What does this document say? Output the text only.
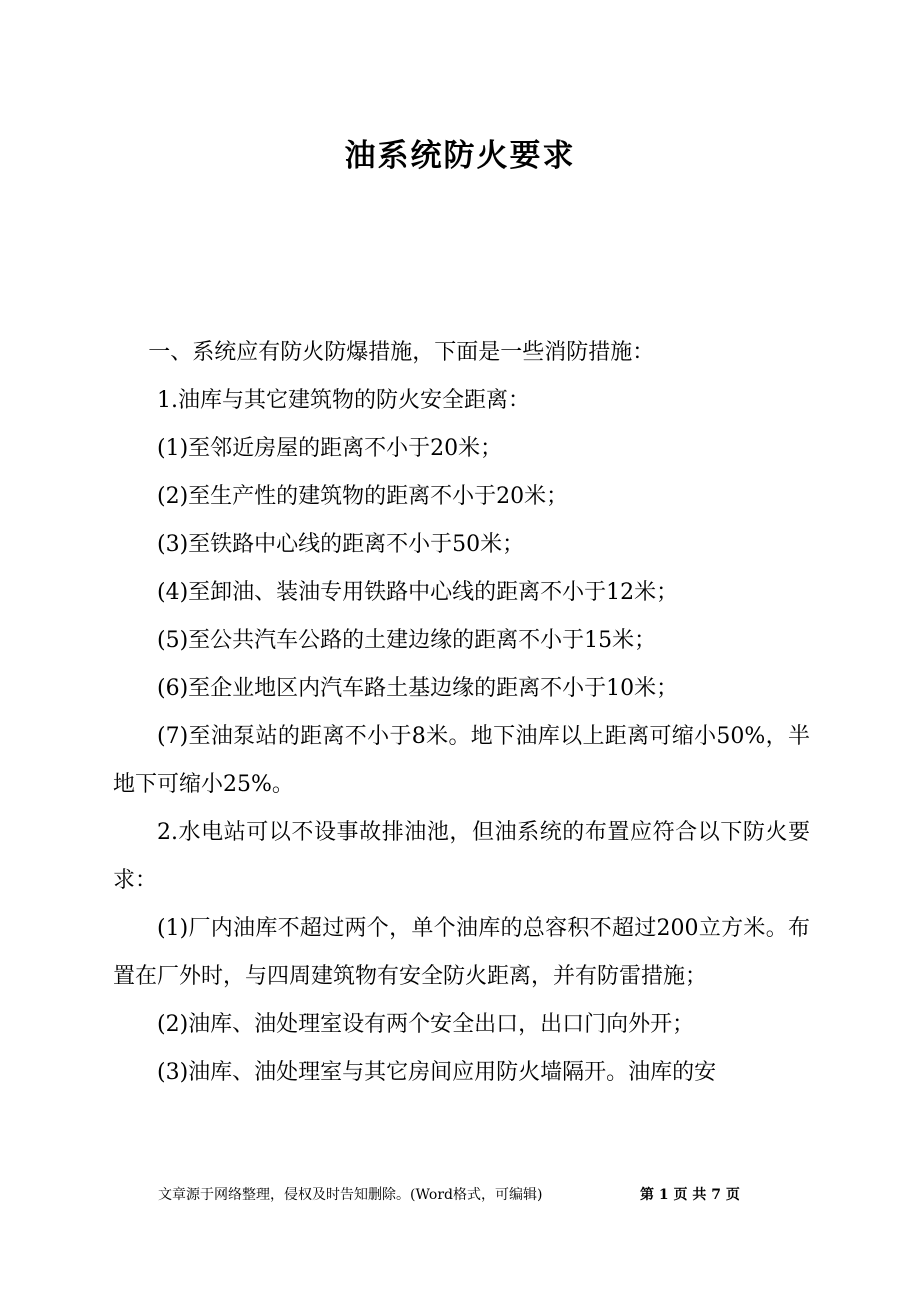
油系统防火要求

一、系统应有防火防爆措施，下面是一些消防措施：

1.油库与其它建筑物的防火安全距离：

(1)至邻近房屋的距离不小于20米；

(2)至生产性的建筑物的距离不小于20米；

(3)至铁路中心线的距离不小于50米；

(4)至卸油、装油专用铁路中心线的距离不小于12米；

(5)至公共汽车公路的土建边缘的距离不小于15米；

(6)至企业地区内汽车路土基边缘的距离不小于10米；

(7)至油泵站的距离不小于8米。地下油库以上距离可缩小50%，半地下可缩小25%。

2.水电站可以不设事故排油池，但油系统的布置应符合以下防火要求：

(1)厂内油库不超过两个，单个油库的总容积不超过200立方米。布置在厂外时，与四周建筑物有安全防火距离，并有防雷措施；

(2)油库、油处理室设有两个安全出口，出口门向外开；

(3)油库、油处理室与其它房间应用防火墙隔开。油库的安

文章源于网络整理，侵权及时告知删除。(Word格式，可编辑)	第 1 页 共 7 页
